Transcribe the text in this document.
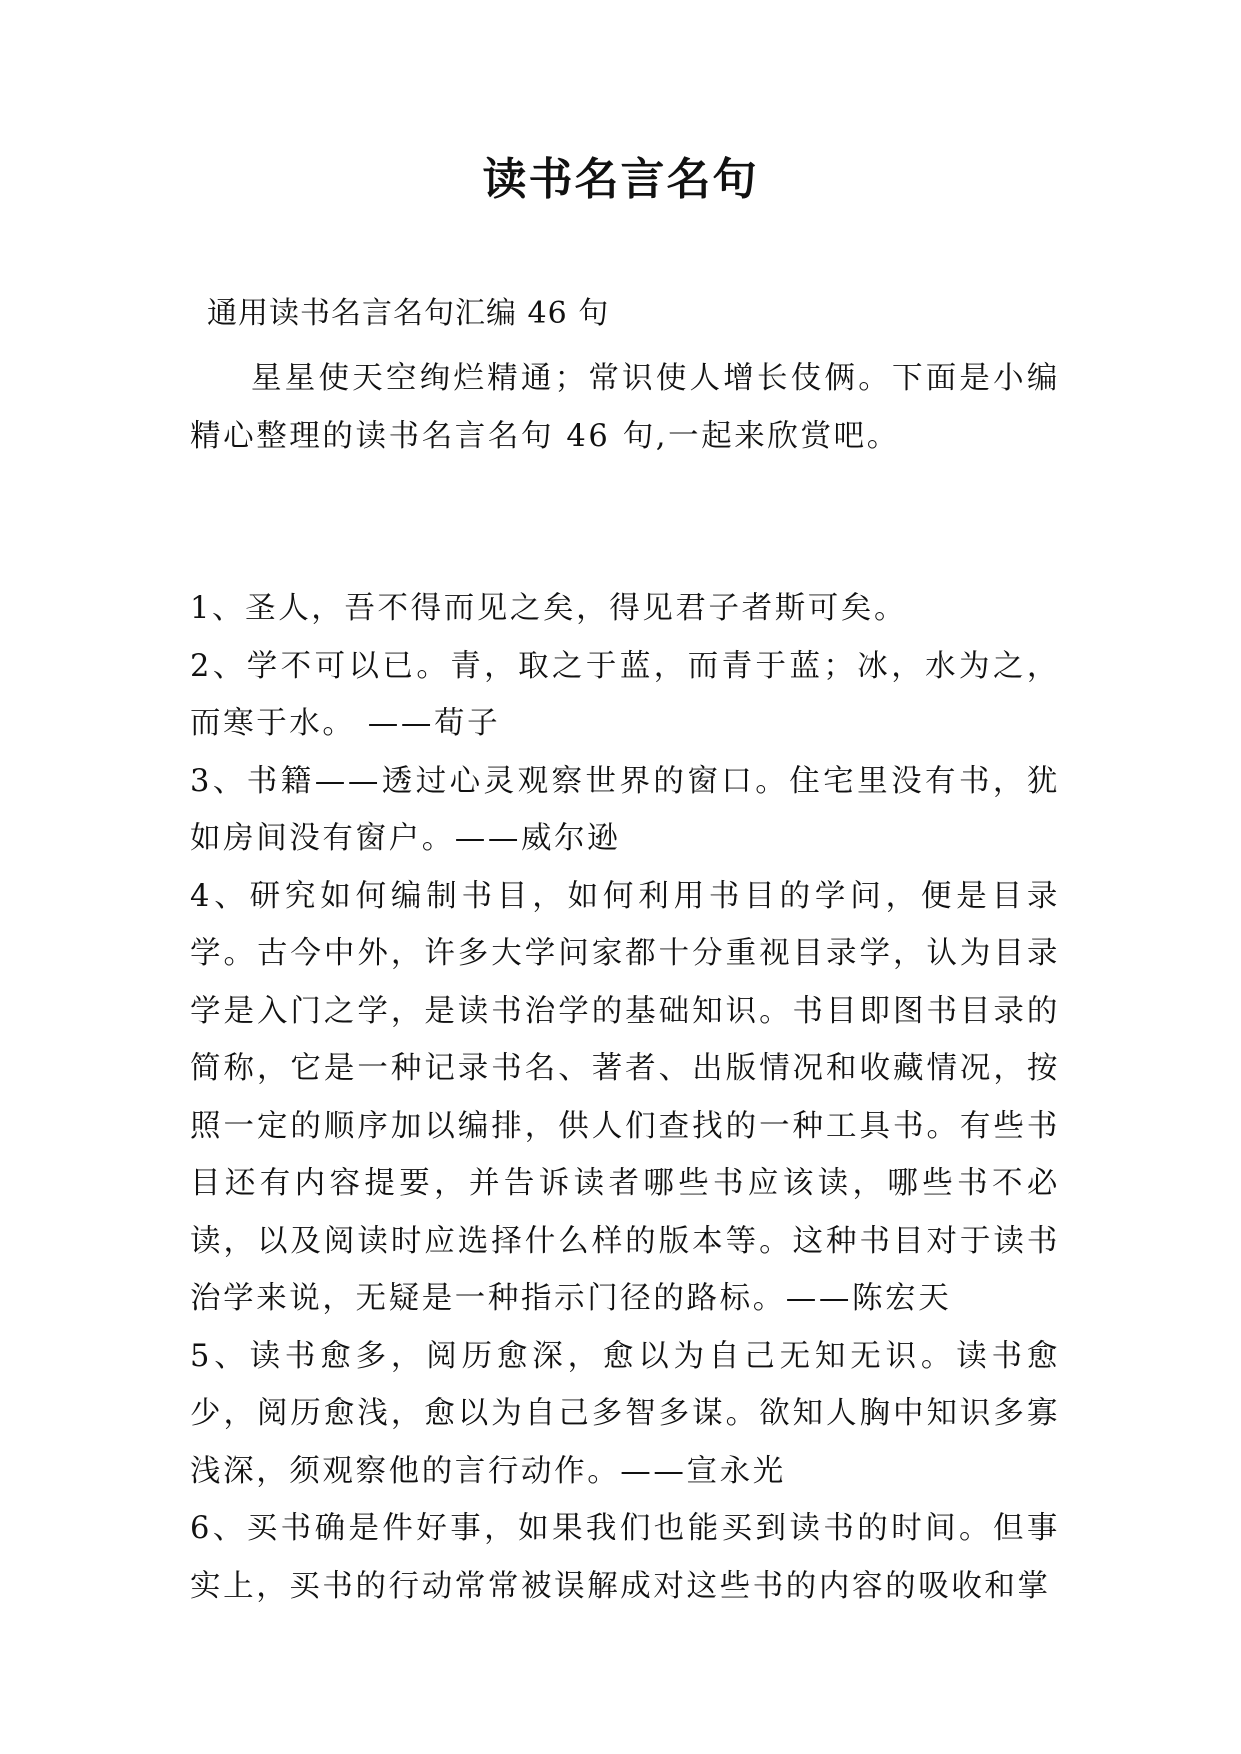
读书名言名句
通用读书名言名句汇编 46 句

星星使天空绚烂精通；常识使人增长伎俩。下面是小编精心整理的读书名言名句 46 句,一起来欣赏吧。

1、圣人，吾不得而见之矣，得见君子者斯可矣。

2、学不可以已。青，取之于蓝，而青于蓝；冰，水为之，而寒于水。 ——荀子

3、书籍——透过心灵观察世界的窗口。住宅里没有书，犹如房间没有窗户。——威尔逊

4、研究如何编制书目，如何利用书目的学问，便是目录学。古今中外，许多大学问家都十分重视目录学，认为目录学是入门之学，是读书治学的基础知识。书目即图书目录的简称，它是一种记录书名、著者、出版情况和收藏情况，按照一定的顺序加以编排，供人们查找的一种工具书。有些书目还有内容提要，并告诉读者哪些书应该读，哪些书不必读，以及阅读时应选择什么样的版本等。这种书目对于读书治学来说，无疑是一种指示门径的路标。——陈宏天

5、读书愈多，阅历愈深，愈以为自己无知无识。读书愈少，阅历愈浅，愈以为自己多智多谋。欲知人胸中知识多寡浅深，须观察他的言行动作。——宣永光

6、买书确是件好事，如果我们也能买到读书的时间。但事实上，买书的行动常常被误解成对这些书的内容的吸收和掌
